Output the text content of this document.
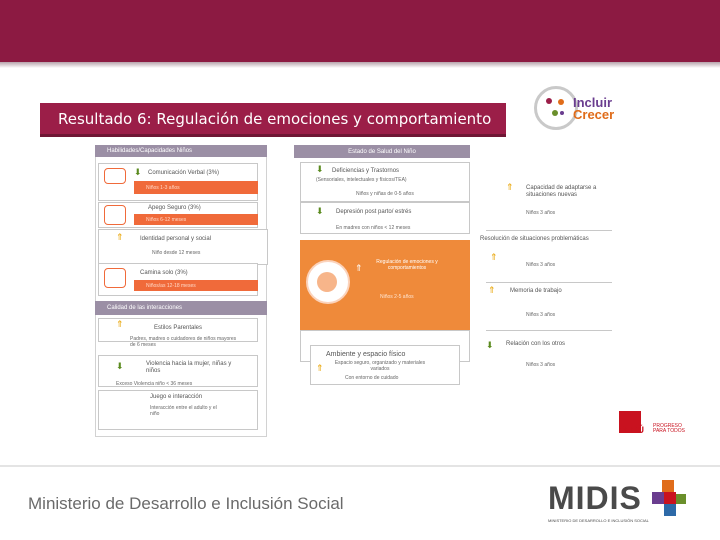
Resultado 6: Regulación de emociones y comportamiento
Incluir
Crecer
Habilidades/Capacidades Niños
⬇ Comunicación Verbal (3%)
Niños 1-3 años
Apego Seguro (3%)
Niños 6-12 meses
⇑	Identidad personal y social
Niño desde 12 meses
Camina solo (3%)
Niños/as 12-18 meses
Calidad de las interacciones
⇑	Estilos Parentales
Padres, madres o cuidadores de niños mayores de 6 meses
⬇	Violencia hacia la mujer, niñas y niños
Exceso Violencia niño < 36 meses
Juego e interacción
Interacción entre el adulto y el niño
Estado de Salud del Niño
⬇ Deficiencias y Trastornos
(Sensoriales, intelectuales y físicos/TEA)
Niños y niñas de 0-5 años
⬇ Depresión post parto/ estrés
En madres con niños < 12 meses
⇑
Regulación de emociones y comportamientos
Niños 2-5 años
Ambiente y espacio físico
⇑	Espacio seguro, organizado y materiales variados
Con entorno de cuidado
⇑ Capacidad de adaptarse a situaciones nuevas
Niños 3 años
Resolución de situaciones problemáticas
⇑
Niños 3 años
⇑ Memoria de trabajo
Niños 3 años
⬇ Relación con los otros
Niños 3 años
PERÚ PROGRESO PARA TODOS
Ministerio de Desarrollo e Inclusión Social	MIDIS
MINISTERIO DE DESARROLLO E INCLUSIÓN SOCIAL
